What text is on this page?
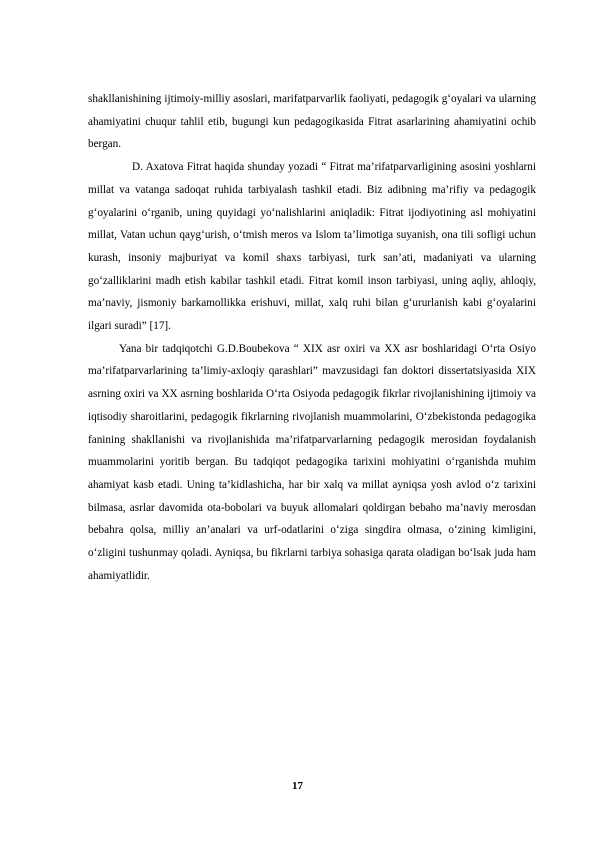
shakllanishining ijtimoiy-milliy asoslari, marifatparvarlik faoliyati, pedagogik g‘oyalari va ularning ahamiyatini chuqur tahlil etib, bugungi kun pedagogikasida Fitrat asarlarining ahamiyatini ochib bergan.

D. Axatova Fitrat haqida shunday yozadi “ Fitrat ma’rifatparvarligining asosini yoshlarni millat va vatanga sadoqat ruhida tarbiyalash tashkil etadi. Biz adibning ma’rifiy va pedagogik g‘oyalarini o‘rganib, uning quyidagi yo‘nalishlarini aniqladik: Fitrat ijodiyotining asl mohiyatini millat, Vatan uchun qayg‘urish, o‘tmish meros va Islom ta’limotiga suyanish, ona tili sofligi uchun kurash, insoniy majburiyat va komil shaxs tarbiyasi, turk san’ati, madaniyati va ularning go‘zalliklarini madh etish kabilar tashkil etadi. Fitrat komil inson tarbiyasi, uning aqliy, ahloqiy, ma’naviy, jismoniy barkamollikka erishuvi, millat, xalq ruhi bilan g‘ururlanish kabi g‘oyalarini ilgari suradi” [17].

Yana bir tadqiqotchi G.D.Boubekova “ XIX asr oxiri va XX asr boshlaridagi O‘rta Osiyo ma’rifatparvarlarining ta’limiy-axloqiy qarashlari” mavzusidagi fan doktori dissertatsiyasida XIX asrning oxiri va XX asrning boshlarida O‘rta Osiyoda pedagogik fikrlar rivojlanishining ijtimoiy va iqtisodiy sharoitlarini, pedagogik fikrlarning rivojlanish muammolarini, O‘zbekistonda pedagogika fanining shakllanishi va rivojlanishida ma’rifatparvarlarning pedagogik merosidan foydalanish muammolarini yoritib bergan. Bu tadqiqot pedagogika tarixini mohiyatini o‘rganishda muhim ahamiyat kasb etadi. Uning ta’kidlashicha, har bir xalq va millat ayniqsa yosh avlod o‘z tarixini bilmasa, asrlar davomida ota-bobolari va buyuk allomalari qoldirgan bebaho ma’naviy merosdan bebahra qolsa, milliy an’analari va urf-odatlarini o‘ziga singdira olmasa, o‘zining kimligini, o‘zligini tushunmay qoladi. Ayniqsa, bu fikrlarni tarbiya sohasiga qarata oladigan bo‘lsak juda ham ahamiyatlidir.

17
